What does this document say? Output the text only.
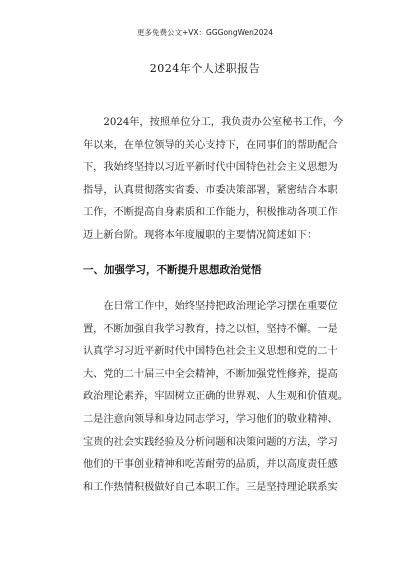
更多免费公文+VX：GGGongWen2024
2024年个人述职报告
　　2024年，按照单位分工，我负责办公室秘书工作，今
年以来，在单位领导的关心支持下，在同事们的帮助配合
下，我始终坚持以习近平新时代中国特色社会主义思想为
指导，认真贯彻落实省委、市委决策部署，紧密结合本职
工作，不断提高自身素质和工作能力，积极推动各项工作
迈上新台阶。现将本年度履职的主要情况简述如下：
一、加强学习，不断提升思想政治觉悟
　　在日常工作中，始终坚持把政治理论学习摆在重要位
置，不断加强自我学习教育，持之以恒，坚持不懈。一是
认真学习习近平新时代中国特色社会主义思想和党的二十
大、党的二十届三中全会精神，不断加强党性修养，提高
政治理论素养，牢固树立正确的世界观、人生观和价值观。
二是注意向领导和身边同志学习，学习他们的敬业精神、
宝贵的社会实践经验及分析问题和决策问题的方法，学习
他们的干事创业精神和吃苦耐劳的品质，并以高度责任感
和工作热情积极做好自己本职工作。三是坚持理论联系实
